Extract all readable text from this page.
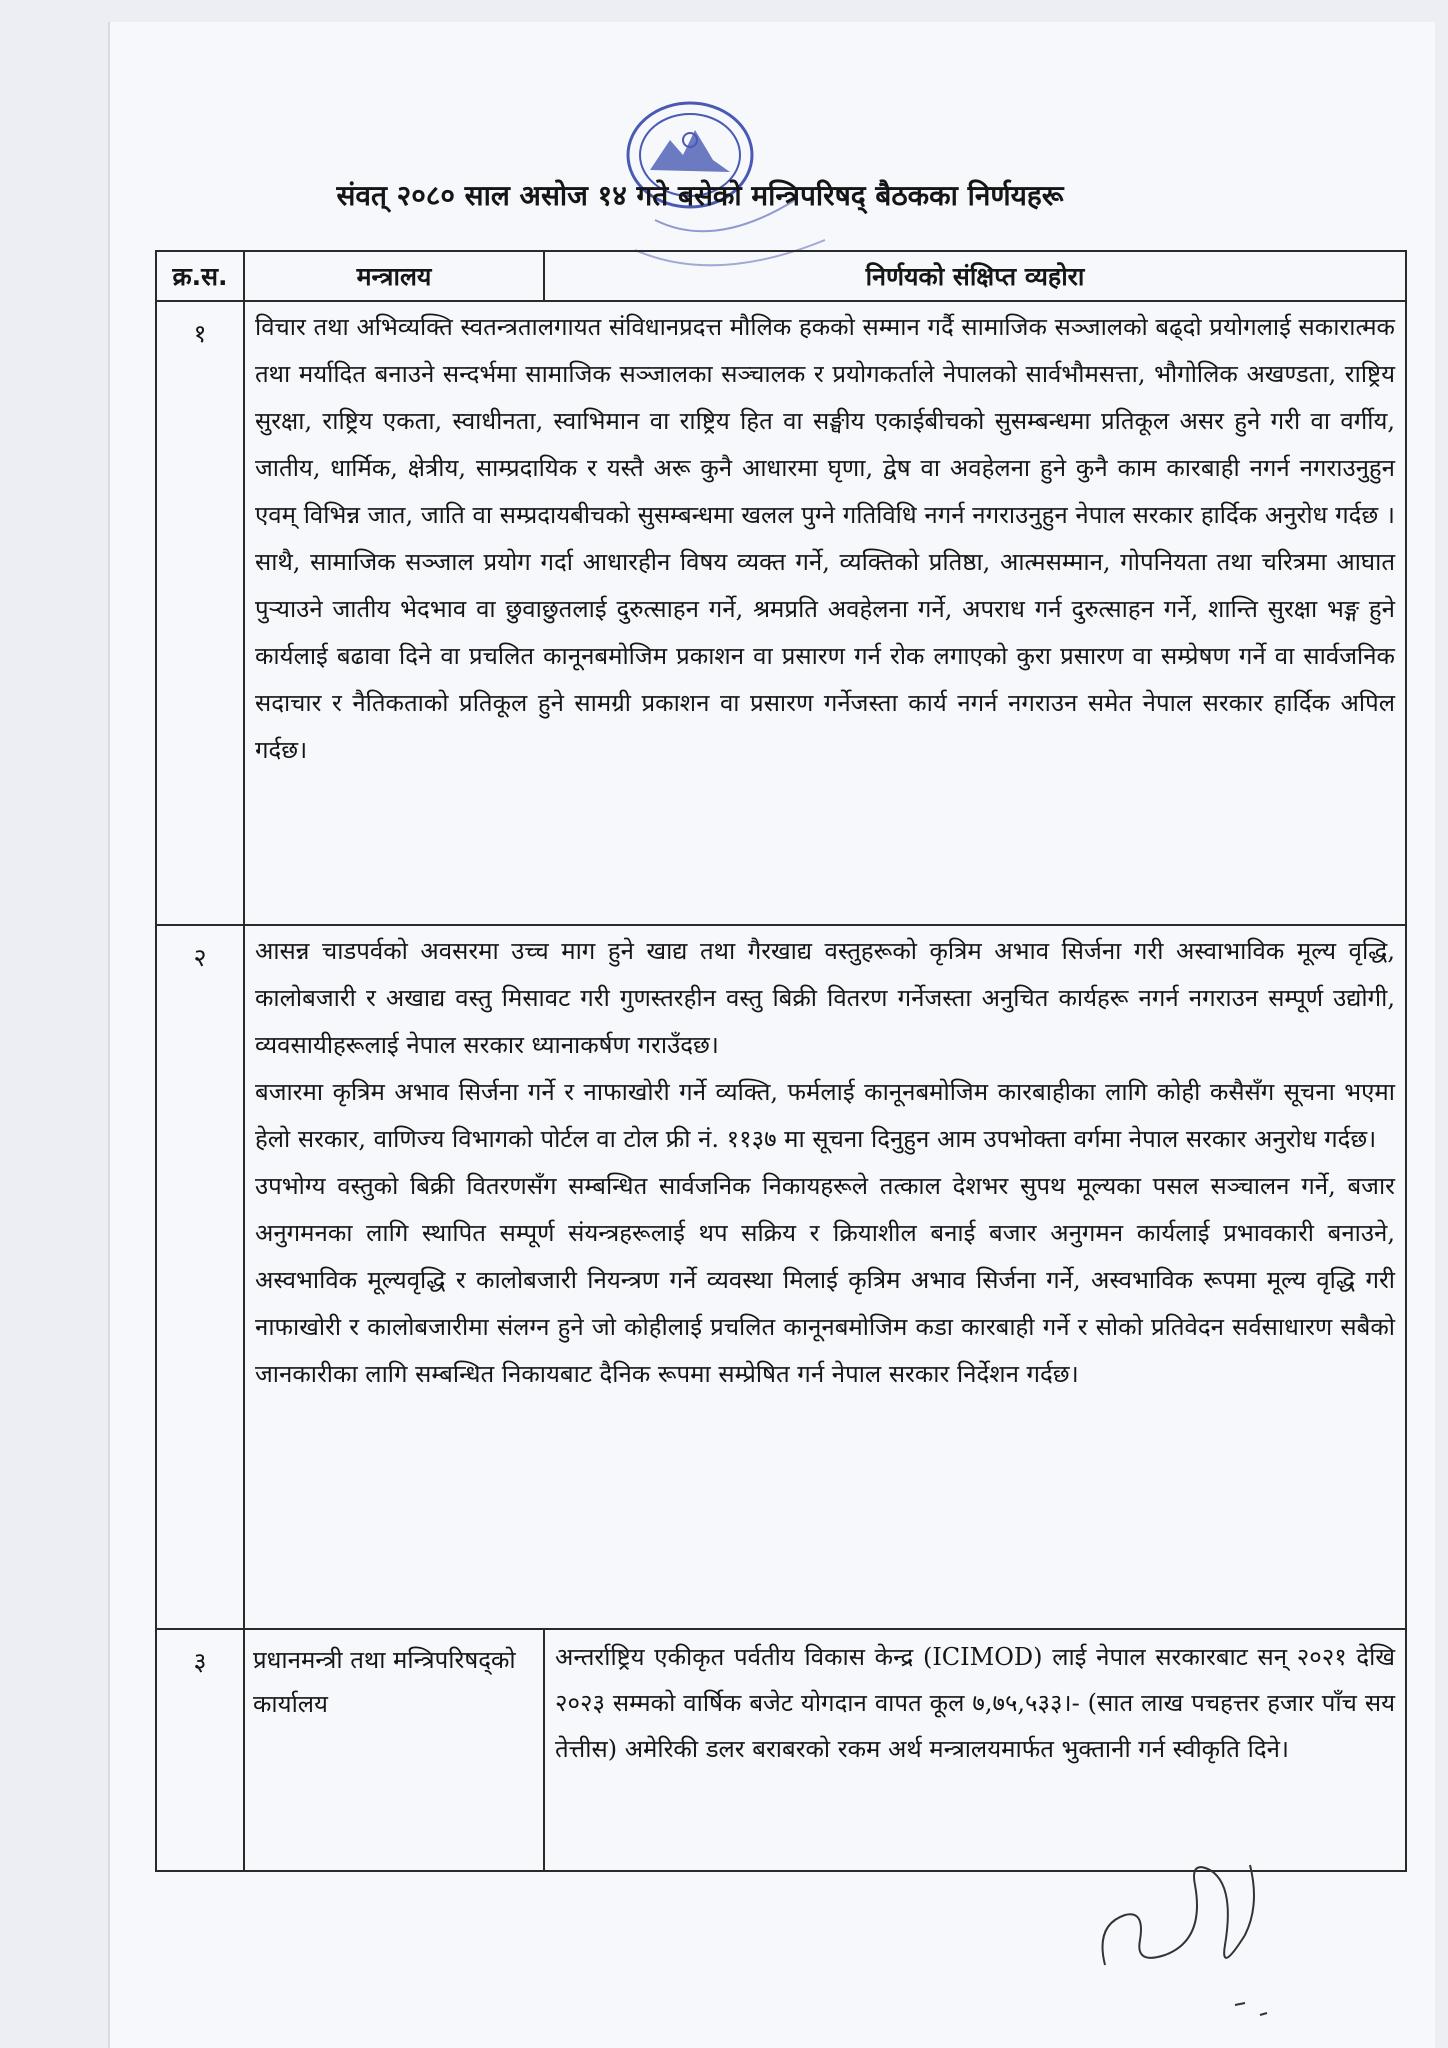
संवत् २०८० साल असोज १४ गते बसेको मन्त्रिपरिषद् बैठकका निर्णयहरू
क्र.स.	मन्त्रालय	निर्णयको संक्षिप्त व्यहोरा
१	विचार तथा अभिव्यक्ति स्वतन्त्रतालगायत संविधानप्रदत्त मौलिक हकको सम्मान गर्दै सामाजिक सञ्जालको बढ्दो प्रयोगलाई सकारात्मक तथा मर्यादित बनाउने सन्दर्भमा सामाजिक सञ्जालका सञ्चालक र प्रयोगकर्ताले नेपालको सार्वभौमसत्ता, भौगोलिक अखण्डता, राष्ट्रिय सुरक्षा, राष्ट्रिय एकता, स्वाधीनता, स्वाभिमान वा राष्ट्रिय हित वा सङ्घीय एकाईबीचको सुसम्बन्धमा प्रतिकूल असर हुने गरी वा वर्गीय, जातीय, धार्मिक, क्षेत्रीय, साम्प्रदायिक र यस्तै अरू कुनै आधारमा घृणा, द्वेष वा अवहेलना हुने कुनै काम कारबाही नगर्न नगराउनुहुन एवम् विभिन्न जात, जाति वा सम्प्रदायबीचको सुसम्बन्धमा खलल पुग्ने गतिविधि नगर्न नगराउनुहुन नेपाल सरकार हार्दिक अनुरोध गर्दछ । साथै, सामाजिक सञ्जाल प्रयोग गर्दा आधारहीन विषय व्यक्त गर्ने, व्यक्तिको प्रतिष्ठा, आत्मसम्मान, गोपनियता तथा चरित्रमा आघात पुर्‍याउने जातीय भेदभाव वा छुवाछुतलाई दुरुत्साहन गर्ने, श्रमप्रति अवहेलना गर्ने, अपराध गर्न दुरुत्साहन गर्ने, शान्ति सुरक्षा भङ्ग हुने कार्यलाई बढावा दिने वा प्रचलित कानूनबमोजिम प्रकाशन वा प्रसारण गर्न रोक लगाएको कुरा प्रसारण वा सम्प्रेषण गर्ने वा सार्वजनिक सदाचार र नैतिकताको प्रतिकूल हुने सामग्री प्रकाशन वा प्रसारण गर्नेजस्ता कार्य नगर्न नगराउन समेत नेपाल सरकार हार्दिक अपिल गर्दछ।	

२	आसन्न चाडपर्वको अवसरमा उच्च माग हुने खाद्य तथा गैरखाद्य वस्तुहरूको कृत्रिम अभाव सिर्जना गरी अस्वाभाविक मूल्य वृद्धि, कालोबजारी र अखाद्य वस्तु मिसावट गरी गुणस्तरहीन वस्तु बिक्री वितरण गर्नेजस्ता अनुचित कार्यहरू नगर्न नगराउन सम्पूर्ण उद्योगी, व्यवसायीहरूलाई नेपाल सरकार ध्यानाकर्षण गराउँदछ।

बजारमा कृत्रिम अभाव सिर्जना गर्ने र नाफाखोरी गर्ने व्यक्ति, फर्मलाई कानूनबमोजिम कारबाहीका लागि कोही कसैसँग सूचना भएमा हेलो सरकार, वाणिज्य विभागको पोर्टल वा टोल फ्री नं. ११३७ मा सूचना दिनुहुन आम उपभोक्ता वर्गमा नेपाल सरकार अनुरोध गर्दछ।

उपभोग्य वस्तुको बिक्री वितरणसँग सम्बन्धित सार्वजनिक निकायहरूले तत्काल देशभर सुपथ मूल्यका पसल सञ्चालन गर्ने, बजार अनुगमनका लागि स्थापित सम्पूर्ण संयन्त्रहरूलाई थप सक्रिय र क्रियाशील बनाई बजार अनुगमन कार्यलाई प्रभावकारी बनाउने, अस्वभाविक मूल्यवृद्धि र कालोबजारी नियन्त्रण गर्ने व्यवस्था मिलाई कृत्रिम अभाव सिर्जना गर्ने, अस्वभाविक रूपमा मूल्य वृद्धि गरी नाफाखोरी र कालोबजारीमा संलग्न हुने जो कोहीलाई प्रचलित कानूनबमोजिम कडा कारबाही गर्ने र सोको प्रतिवेदन सर्वसाधारण सबैको जानकारीका लागि सम्बन्धित निकायबाट दैनिक रूपमा सम्प्रेषित गर्न नेपाल सरकार निर्देशन गर्दछ।	

३	प्रधानमन्त्री तथा मन्त्रिपरिषद्को कार्यालय	अन्तर्राष्ट्रिय एकीकृत पर्वतीय विकास केन्द्र (ICIMOD) लाई नेपाल सरकारबाट सन् २०२१ देखि २०२३ सम्मको वार्षिक बजेट योगदान वापत कूल ७,७५,५३३।- (सात लाख पचहत्तर हजार पाँच सय तेत्तीस) अमेरिकी डलर बराबरको रकम अर्थ मन्त्रालयमार्फत भुक्तानी गर्न स्वीकृति दिने।
